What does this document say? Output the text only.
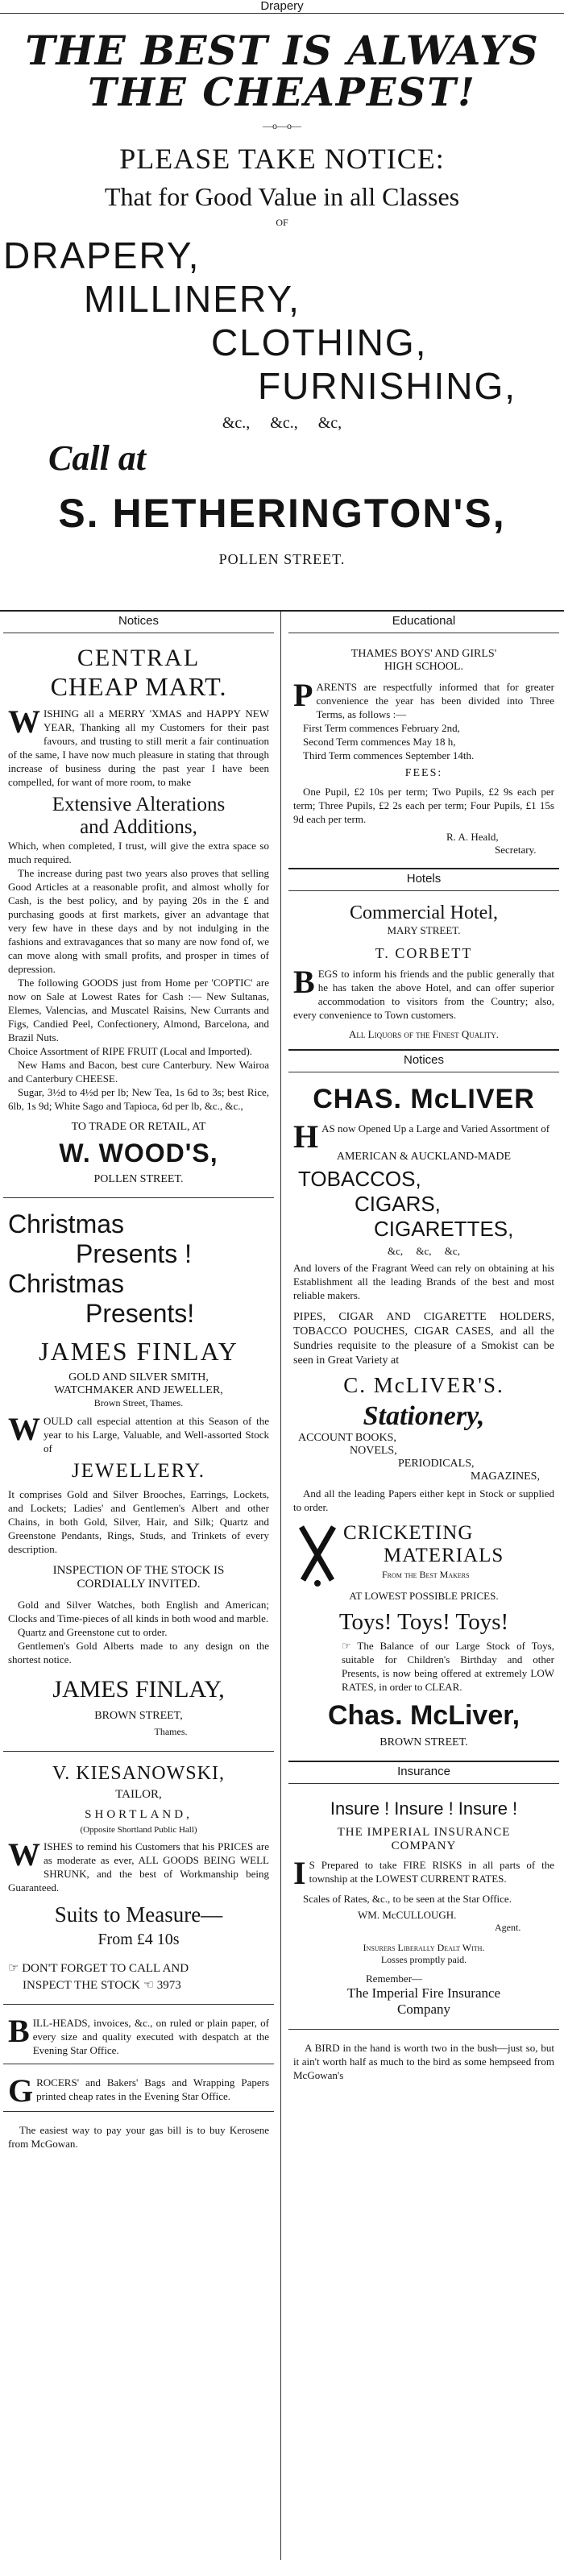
Drapery
THE BEST IS ALWAYS
THE CHEAPEST!
—o—o—
PLEASE TAKE NOTICE:
That for Good Value in all Classes
OF
DRAPERY,
MILLINERY,
CLOTHING,
FURNISHING,
&c.,     &c.,     &c,
Call at
S. HETHERINGTON'S,
POLLEN STREET.
Notices
CENTRAL
CHEAP MART.
W ISHING all a MERRY 'XMAS and HAPPY NEW YEAR, Thanking all my Customers for their past favours, and trusting to still merit a fair continuation of the same, I have now much pleasure in stating that through increase of business during the past year I have been compelled, for want of more room, to make
Extensive Alterations
and Additions,

Which, when completed, I trust, will give the extra space so much required.

The increase during past two years also proves that selling Good Articles at a reasonable profit, and almost wholly for Cash, is the best policy, and by paying 20s in the £ and purchasing goods at first markets, giver an advantage that very few have in these days and by not indulging in the fashions and extravagances that so many are now fond of, we can move along with small profits, and prosper in times of depression.

The following GOODS just from Home per 'COPTIC' are now on Sale at Lowest Rates for Cash :— New Sultanas, Elemes, Valencias, and Muscatel Raisins, New Currants and Figs, Candied Peel, Confectionery, Almond, Barcelona, and Brazil Nuts.

Choice Assortment of RIPE FRUIT (Local and Imported).

New Hams and Bacon, best cure Canterbury. New Wairoa and Canterbury CHEESE.

Sugar, 3½d to 4½d per lb; New Tea, 1s 6d to 3s; best Rice, 6lb, 1s 9d; White Sago and Tapioca, 6d per lb, &c., &c.,

TO TRADE OR RETAIL, AT
W. WOOD'S,
POLLEN STREET.
Christmas
Presents !
Christmas
Presents!
JAMES FINLAY
GOLD AND SILVER SMITH,
WATCHMAKER AND JEWELLER,
Brown Street, Thames.
W OULD call especial attention at this Season of the year to his Large, Valuable, and Well-assorted Stock of
JEWELLERY.

It comprises Gold and Silver Brooches, Earrings, Lockets, and Lockets; Ladies' and Gentlemen's Albert and other Chains, in both Gold, Silver, Hair, and Silk; Quartz and Greenstone Pendants, Rings, Studs, and Trinkets of every description.

INSPECTION OF THE STOCK IS
CORDIALLY INVITED.

Gold and Silver Watches, both English and American; Clocks and Time-pieces of all kinds in both wood and marble.

Quartz and Greenstone cut to order.

Gentlemen's Gold Alberts made to any design on the shortest notice.

JAMES FINLAY,
BROWN STREET,
Thames.
V. KIESANOWSKI,
TAILOR,
SHORTLAND,
(Opposite Shortland Public Hall)
W ISHES to remind his Customers that his PRICES are as moderate as ever, ALL GOODS BEING WELL SHRUNK, and the best of Workmanship being Guaranteed.
Suits to Measure—
From £4 10s
☞ DON'T FORGET TO CALL AND
INSPECT THE STOCK ☜ 3973
B ILL-HEADS, invoices, &c., on ruled or plain paper, of every size and quality executed with despatch at the Evening Star Office.
G ROCERS' and Bakers' Bags and Wrapping Papers printed cheap rates in the Evening Star Office.

The easiest way to pay your gas bill is to buy Kerosene from McGowan.

Educational
THAMES BOYS' AND GIRLS'
HIGH SCHOOL.
P ARENTS are respectfully informed that for greater convenience the year has been divided into Three Terms, as follows :—

First Term commences February 2nd,

Second Term commences May 18 h,

Third Term commences September 14th.

FEES:

One Pupil, £2 10s per term; Two Pupils, £2 9s each per term; Three Pupils, £2 2s each per term; Four Pupils, £1 15s 9d each per term.

R. A. Heald,
Secretary.
Hotels
Commercial Hotel,
MARY STREET.
T. CORBETT
B EGS to inform his friends and the public generally that he has taken the above Hotel, and can offer superior accommodation to visitors from the Country; also, every convenience to Town customers.
All Liquors of the Finest Quality.
Notices
CHAS. McLIVER
H AS now Opened Up a Large and Varied Assortment of
AMERICAN & AUCKLAND-MADE
TOBACCOS,
CIGARS,
CIGARETTES,
&c,     &c,     &c,

And lovers of the Fragrant Weed can rely on obtaining at his Establishment all the leading Brands of the best and most reliable makers.

PIPES, CIGAR AND CIGARETTE HOLDERS, TOBACCO POUCHES, CIGAR CASES, and all the Sundries requisite to the pleasure of a Smokist can be seen in Great Variety at

C. McLIVER'S.
Stationery,
ACCOUNT BOOKS,
NOVELS,
PERIODICALS,
MAGAZINES,

And all the leading Papers either kept in Stock or supplied to order.

CRICKETING
MATERIALS
From the Best Makers
AT LOWEST POSSIBLE PRICES.
Toys! Toys! Toys!

☞ The Balance of our Large Stock of Toys, suitable for Children's Birthday and other Presents, is now being offered at extremely LOW RATES, in order to CLEAR.

Chas. McLiver,
BROWN STREET.
Insurance
Insure ! Insure ! Insure !
THE IMPERIAL INSURANCE
COMPANY
I S Prepared to take FIRE RISKS in all parts of the township at the LOWEST CURRENT RATES.

Scales of Rates, &c., to be seen at the Star Office.

WM. McCULLOUGH.
Agent.
Insurers Liberally Dealt With.
Losses promptly paid.
Remember—
The Imperial Fire Insurance
Company

A BIRD in the hand is worth two in the bush—just so, but it ain't worth half as much to the bird as some hempseed from McGowan's
